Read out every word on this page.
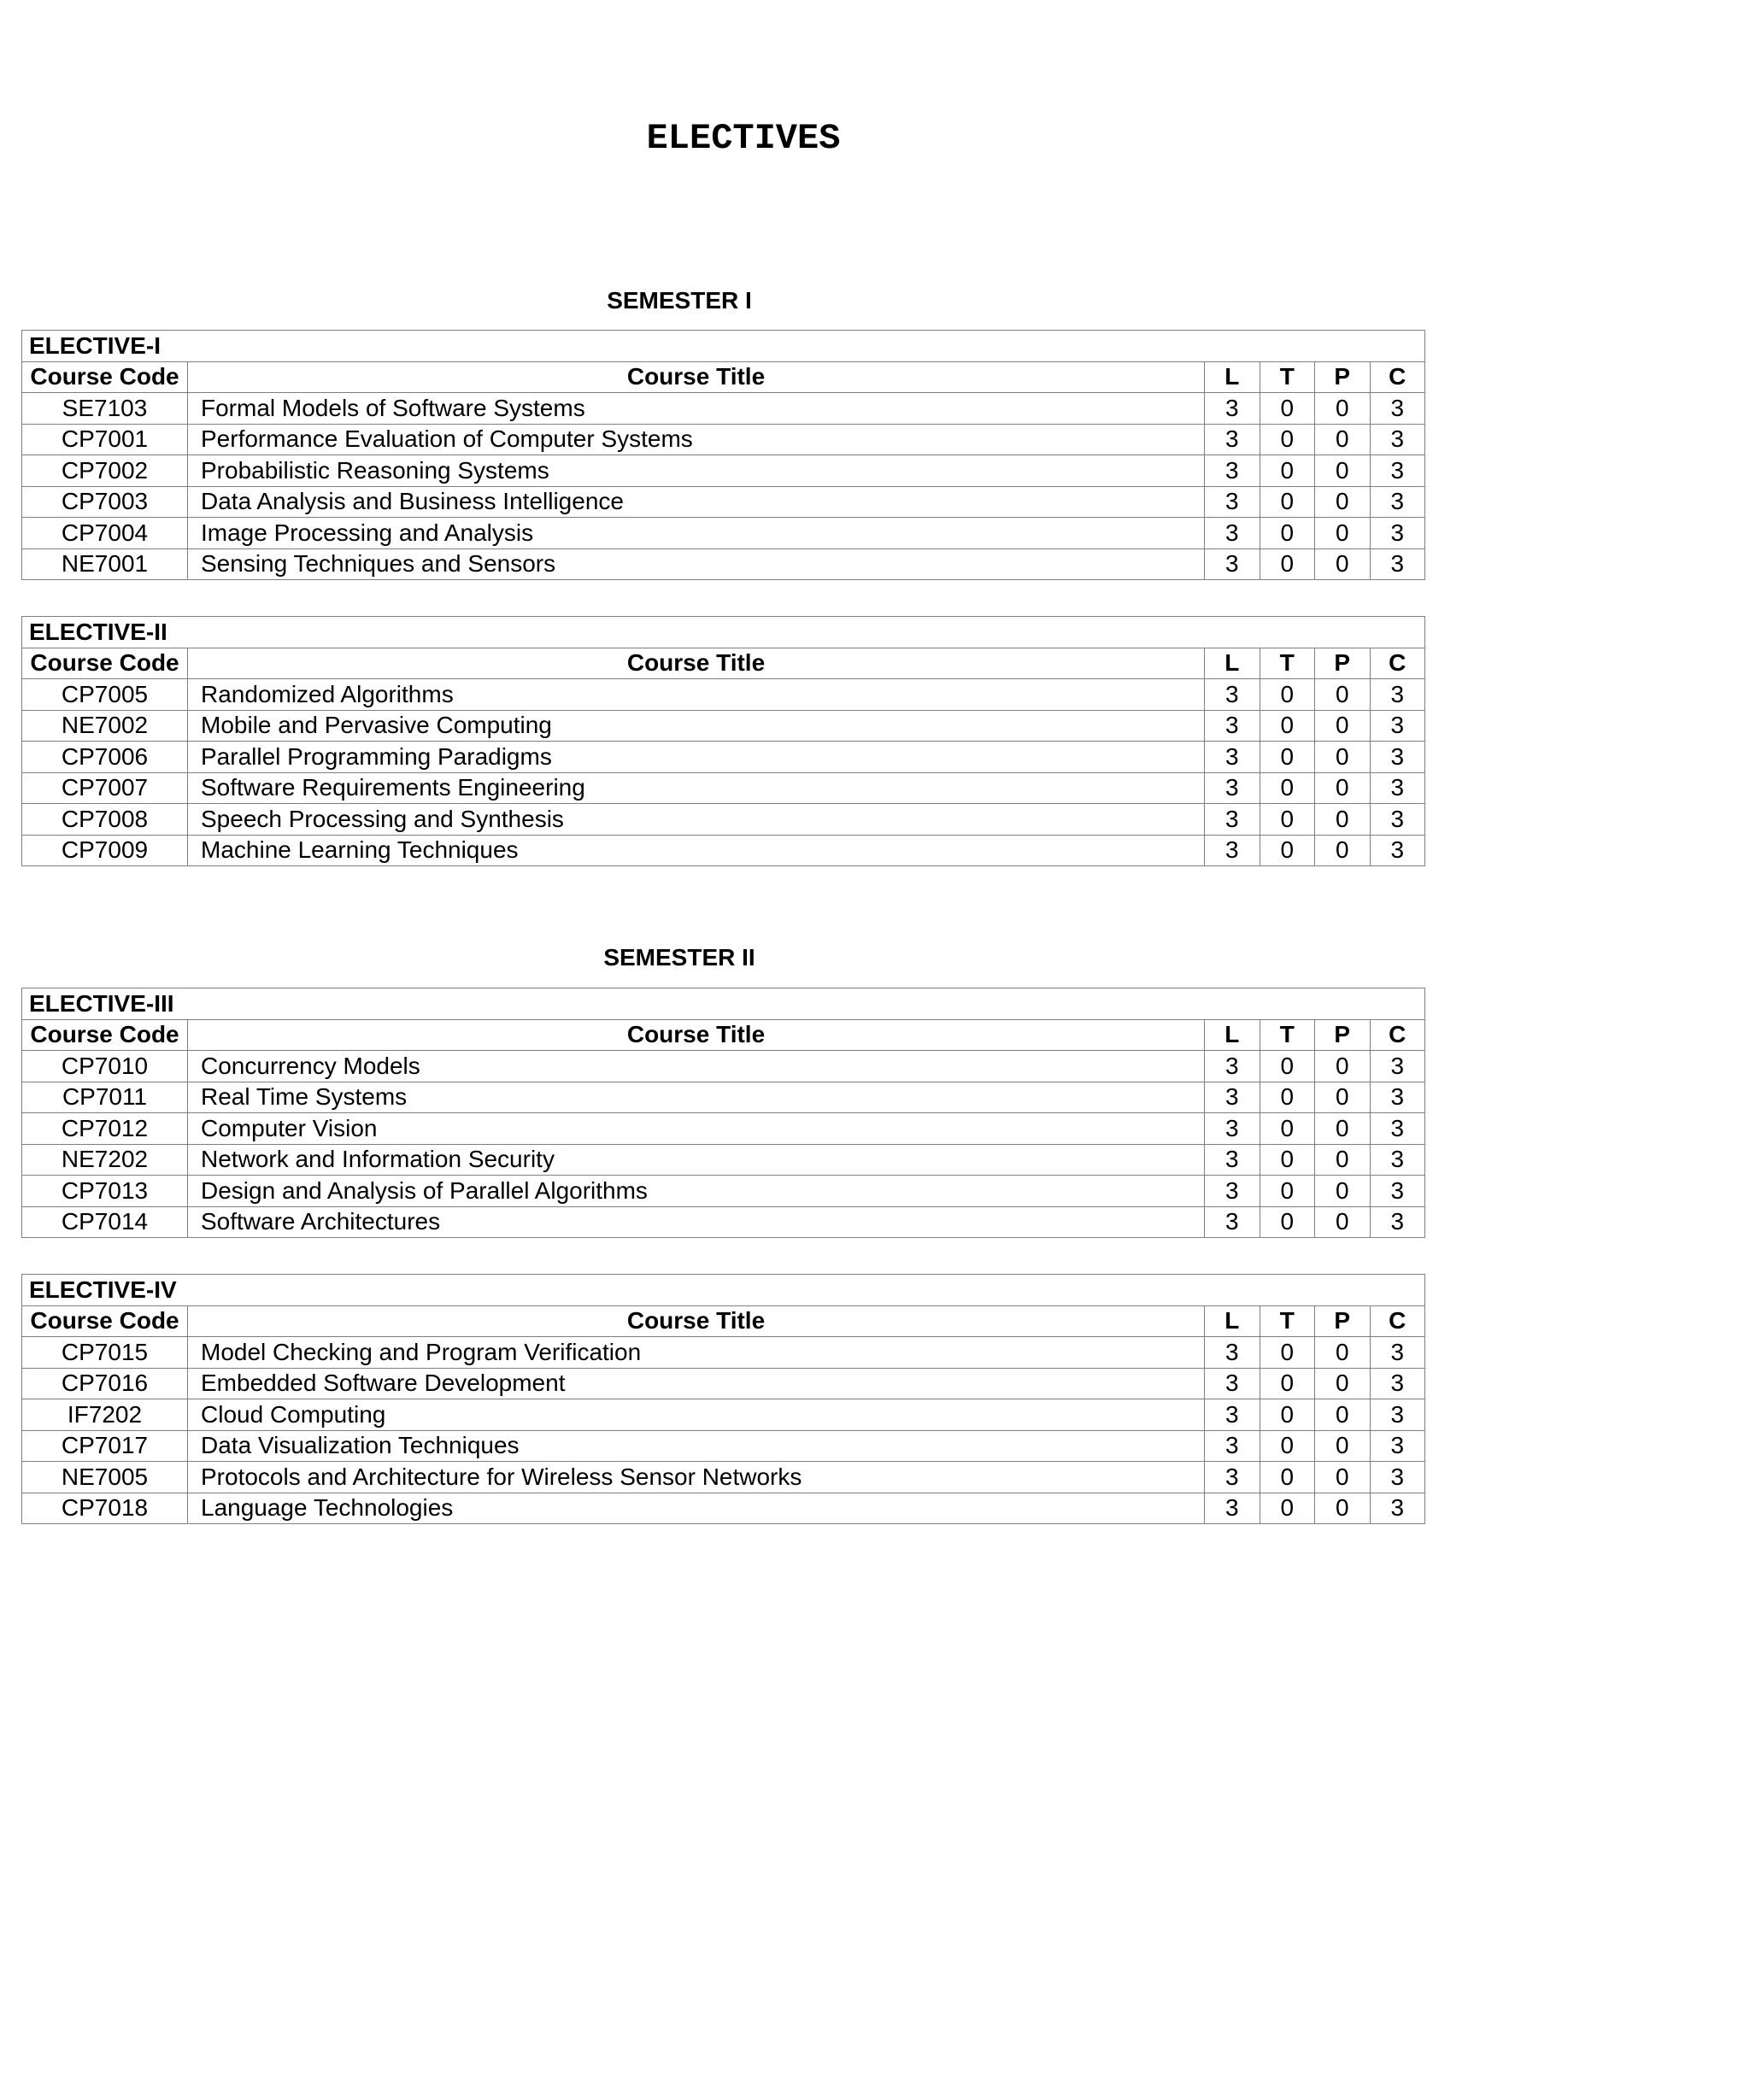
ELECTIVES
SEMESTER I
ELECTIVE-I					
Course Code	Course Title	L	T	P	C
SE7103	Formal Models of Software Systems	3	0	0	3
CP7001	Performance Evaluation of Computer Systems	3	0	0	3
CP7002	Probabilistic Reasoning Systems	3	0	0	3
CP7003	Data Analysis and Business Intelligence	3	0	0	3
CP7004	Image Processing and Analysis	3	0	0	3
NE7001	Sensing Techniques and Sensors	3	0	0	3
ELECTIVE-II					
Course Code	Course Title	L	T	P	C
CP7005	Randomized Algorithms	3	0	0	3
NE7002	Mobile and Pervasive Computing	3	0	0	3
CP7006	Parallel Programming Paradigms	3	0	0	3
CP7007	Software Requirements Engineering	3	0	0	3
CP7008	Speech Processing and Synthesis	3	0	0	3
CP7009	Machine Learning Techniques	3	0	0	3
SEMESTER II
ELECTIVE-III					
Course Code	Course Title	L	T	P	C
CP7010	Concurrency Models	3	0	0	3
CP7011	Real Time Systems	3	0	0	3
CP7012	Computer Vision	3	0	0	3
NE7202	Network and Information Security	3	0	0	3
CP7013	Design and Analysis of Parallel Algorithms	3	0	0	3
CP7014	Software Architectures	3	0	0	3
ELECTIVE-IV					
Course Code	Course Title	L	T	P	C
CP7015	Model Checking and Program Verification	3	0	0	3
CP7016	Embedded Software Development	3	0	0	3
IF7202	Cloud Computing	3	0	0	3
CP7017	Data Visualization Techniques	3	0	0	3
NE7005	Protocols and Architecture for Wireless Sensor Networks	3	0	0	3
CP7018	Language Technologies	3	0	0	3
